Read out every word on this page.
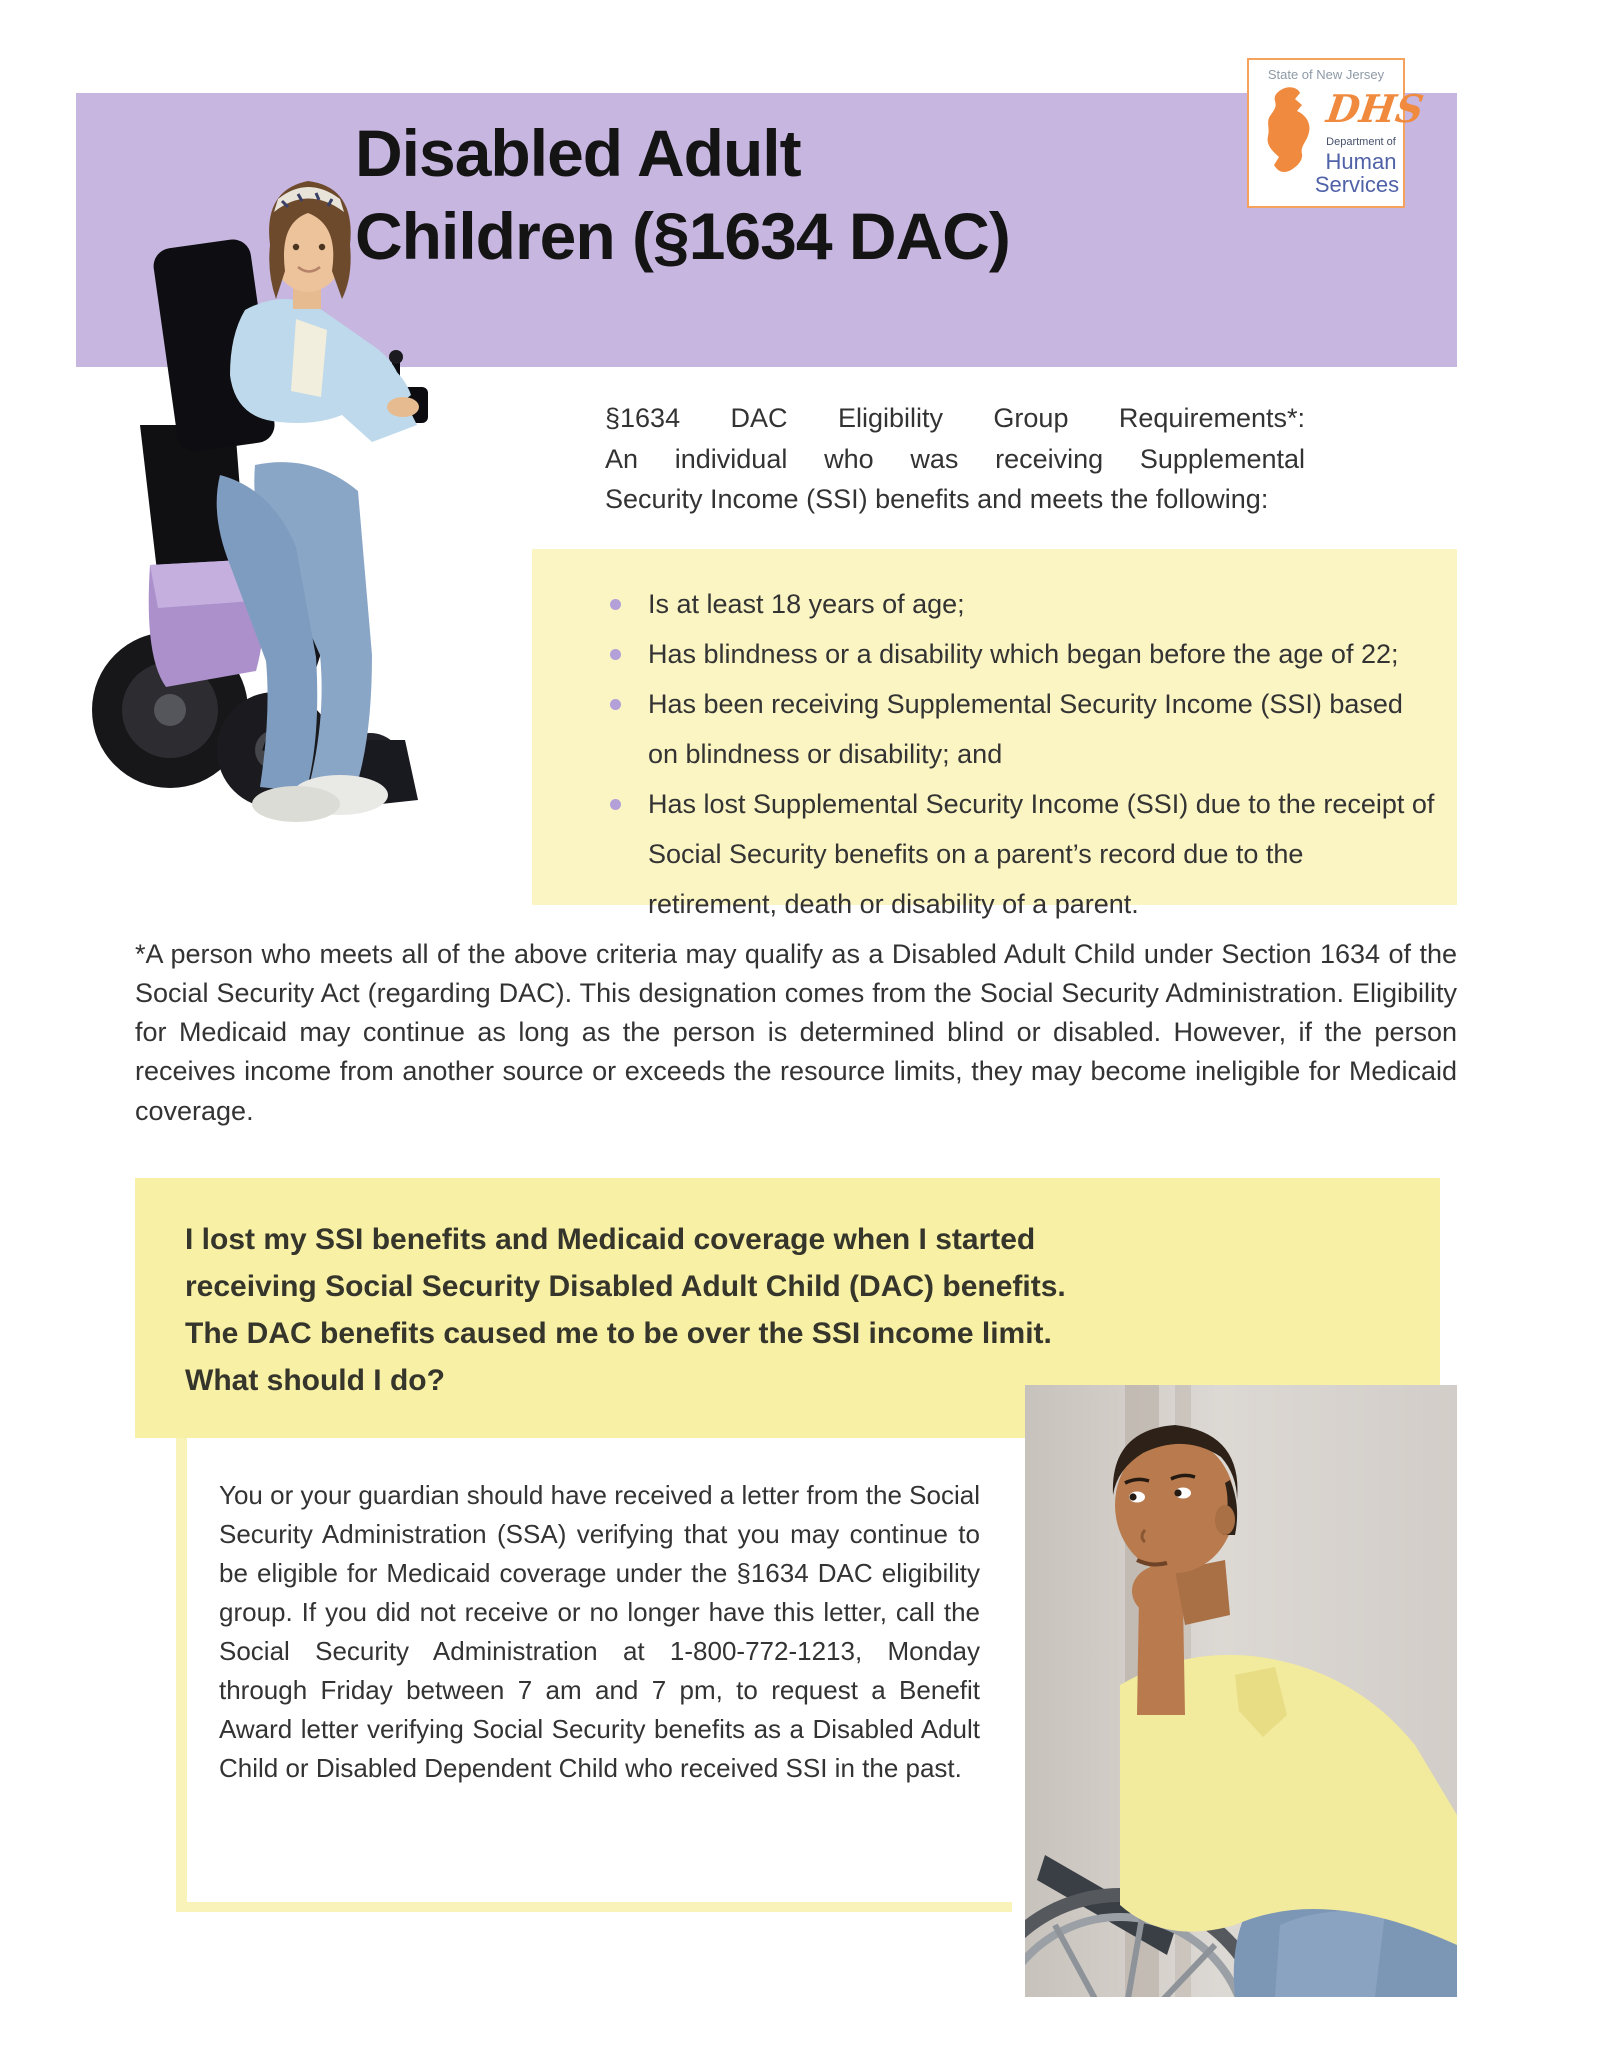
Disabled Adult
Children (§1634 DAC)
State of New Jersey
DHS
Department of
Human
Services
§1634 DAC Eligibility Group Requirements*:
An individual who was receiving Supplemental
Security Income (SSI) benefits and meets the following:
Is at least 18 years of age;
Has blindness or a disability which began before the age of 22;
Has been receiving Supplemental Security Income (SSI) based on blindness or disability; and
Has lost Supplemental Security Income (SSI) due to the receipt of Social Security benefits on a parent’s record due to the retirement, death or disability of a parent.
*A person who meets all of the above criteria may qualify as a Disabled Adult Child under Section 1634 of the Social Security Act (regarding DAC). This designation comes from the Social Security Administration. Eligibility for Medicaid may continue as long as the person is determined blind or disabled. However, if the person receives income from another source or exceeds the resource limits, they may become ineligible for Medicaid coverage.
I lost my SSI benefits and Medicaid coverage when I started
receiving Social Security Disabled Adult Child (DAC) benefits.
The DAC benefits caused me to be over the SSI income limit.
What should I do?
You or your guardian should have received a letter from the Social Security Administration (SSA) verifying that you may continue to be eligible for Medicaid coverage under the §1634 DAC eligibility group. If you did not receive or no longer have this letter, call the Social Security Administration at 1-800-772-1213, Monday through Friday between 7 am and 7 pm, to request a Benefit Award letter verifying Social Security benefits as a Disabled Adult Child or Disabled Dependent Child who received SSI in the past.
